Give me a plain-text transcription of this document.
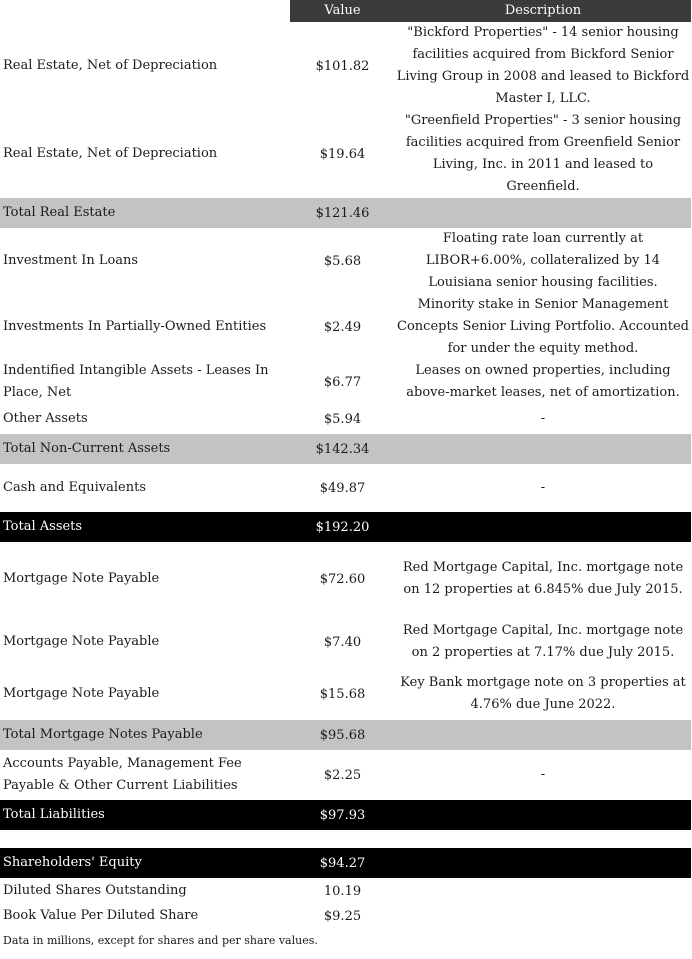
	Value	Description
Real Estate, Net of Depreciation	$101.82	"Bickford Properties" - 14 senior housing facilities acquired from Bickford Senior Living Group in 2008 and leased to Bickford Master I, LLC.
Real Estate, Net of Depreciation	$19.64	"Greenfield Properties" - 3 senior housing facilities acquired from Greenfield Senior Living, Inc. in 2011 and leased to Greenfield.
Total Real Estate	$121.46	
Investment In Loans	$5.68	Floating rate loan currently at LIBOR+6.00%, collateralized by 14 Louisiana senior housing facilities.
Investments In Partially-Owned Entities	$2.49	Minority stake in Senior Management Concepts Senior Living Portfolio. Accounted for under the equity method.
Indentified Intangible Assets - Leases In Place, Net	$6.77	Leases on owned properties, including above-market leases, net of amortization.
Other Assets	$5.94	-
Total Non-Current Assets	$142.34	
Cash and Equivalents	$49.87	-
Total Assets	$192.20	
Mortgage Note Payable	$72.60	Red Mortgage Capital, Inc. mortgage note on 12 properties at 6.845% due July 2015.
Mortgage Note Payable	$7.40	Red Mortgage Capital, Inc. mortgage note on 2 properties at 7.17% due July 2015.
Mortgage Note Payable	$15.68	Key Bank mortgage note on 3 properties at 4.76% due June 2022.
Total Mortgage Notes Payable	$95.68	
Accounts Payable, Management Fee Payable & Other Current Liabilities	$2.25	-
Total Liabilities	$97.93	

Shareholders' Equity	$94.27	
Diluted Shares Outstanding	10.19	
Book Value Per Diluted Share	$9.25	
Data in millions, except for shares and per share values.
